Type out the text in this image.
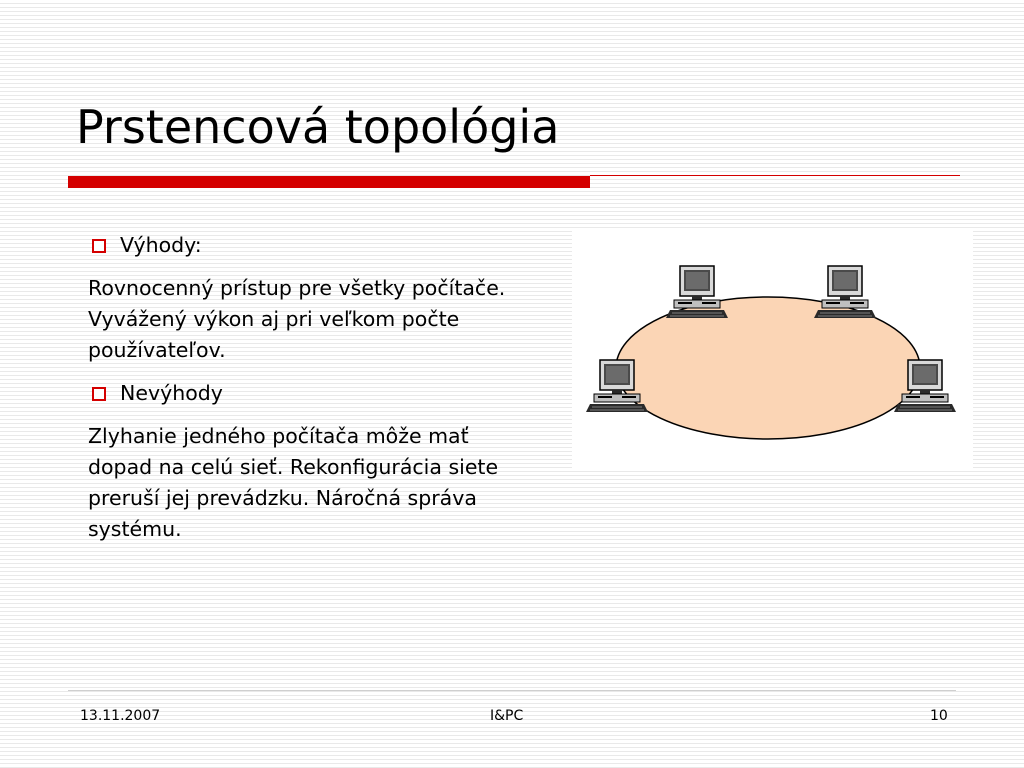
Prstencová topológia
Výhody:
Rovnocenný prístup pre všetky počítače. Vyvážený výkon aj pri veľkom počte používateľov.
Nevýhody
Zlyhanie jedného počítača môže mať dopad na celú sieť. Rekonfigurácia siete preruší jej prevádzku. Náročná správa systému.
13.11.2007	I&PC	10
